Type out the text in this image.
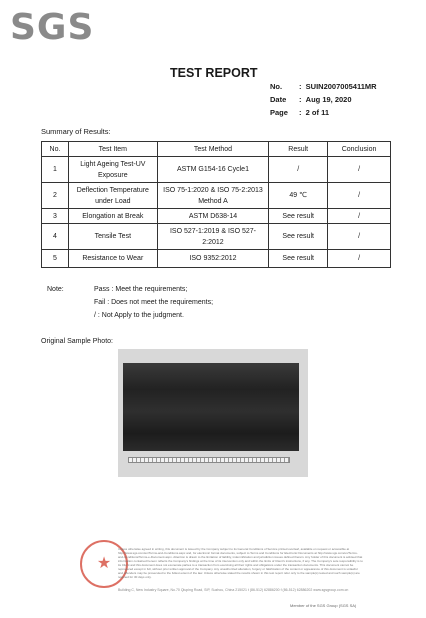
SGS
TEST REPORT
No. : SUIN2007005411MR
Date : Aug 19, 2020
Page : 2 of 11
Summary of Results:
No.	Test Item	Test Method	Result	Conclusion
1	Light Ageing Test-UV Exposure	ASTM G154-16 Cycle1	/	/
2	Deflection Temperature under Load	ISO 75-1:2020 & ISO 75-2:2013 Method A	49 ℃	/
3	Elongation at Break	ASTM D638-14	See result	/
4	Tensile Test	ISO 527-1:2019 & ISO 527-2:2012	See result	/
5	Resistance to Wear	ISO 9352:2012	See result	/
Note:	Pass : Meet the requirements;
Fail : Does not meet the requirements;
/ : Not Apply to the judgment.
Original Sample Photo:
★
Unless otherwise agreed in writing, this document is issued by the Company subject to its General Conditions of Service printed overleaf, available on request or accessible at http://www.sgs.com/en/Terms-and-Conditions.aspx and, for electronic format documents, subject to Terms and Conditions for Electronic Documents at http://www.sgs.com/en/Terms-and-Conditions/Terms-e-Document.aspx. Attention is drawn to the limitation of liability, indemnification and jurisdiction issues defined therein. Any holder of this document is advised that information contained hereon reflects the Company's findings at the time of its intervention only and within the limits of Client's instructions, if any. The Company's sole responsibility is to its Client and this document does not exonerate parties to a transaction from exercising all their rights and obligations under the transaction documents. This document cannot be reproduced except in full, without prior written approval of the Company. Any unauthorized alteration, forgery or falsification of the content or appearance of this document is unlawful and offenders may be prosecuted to the fullest extent of the law. Unless otherwise stated the results shown in this test report refer only to the sample(s) tested and such sample(s) are retained for 30 days only.
Building C, New Industry Square, No.70 Qiuping Road, SIP, Suzhou, China 215021 t (86-512) 62886200 f (86-512) 62886202 www.sgsgroup.com.cn
Member of the SGS Group (SGS SA)
